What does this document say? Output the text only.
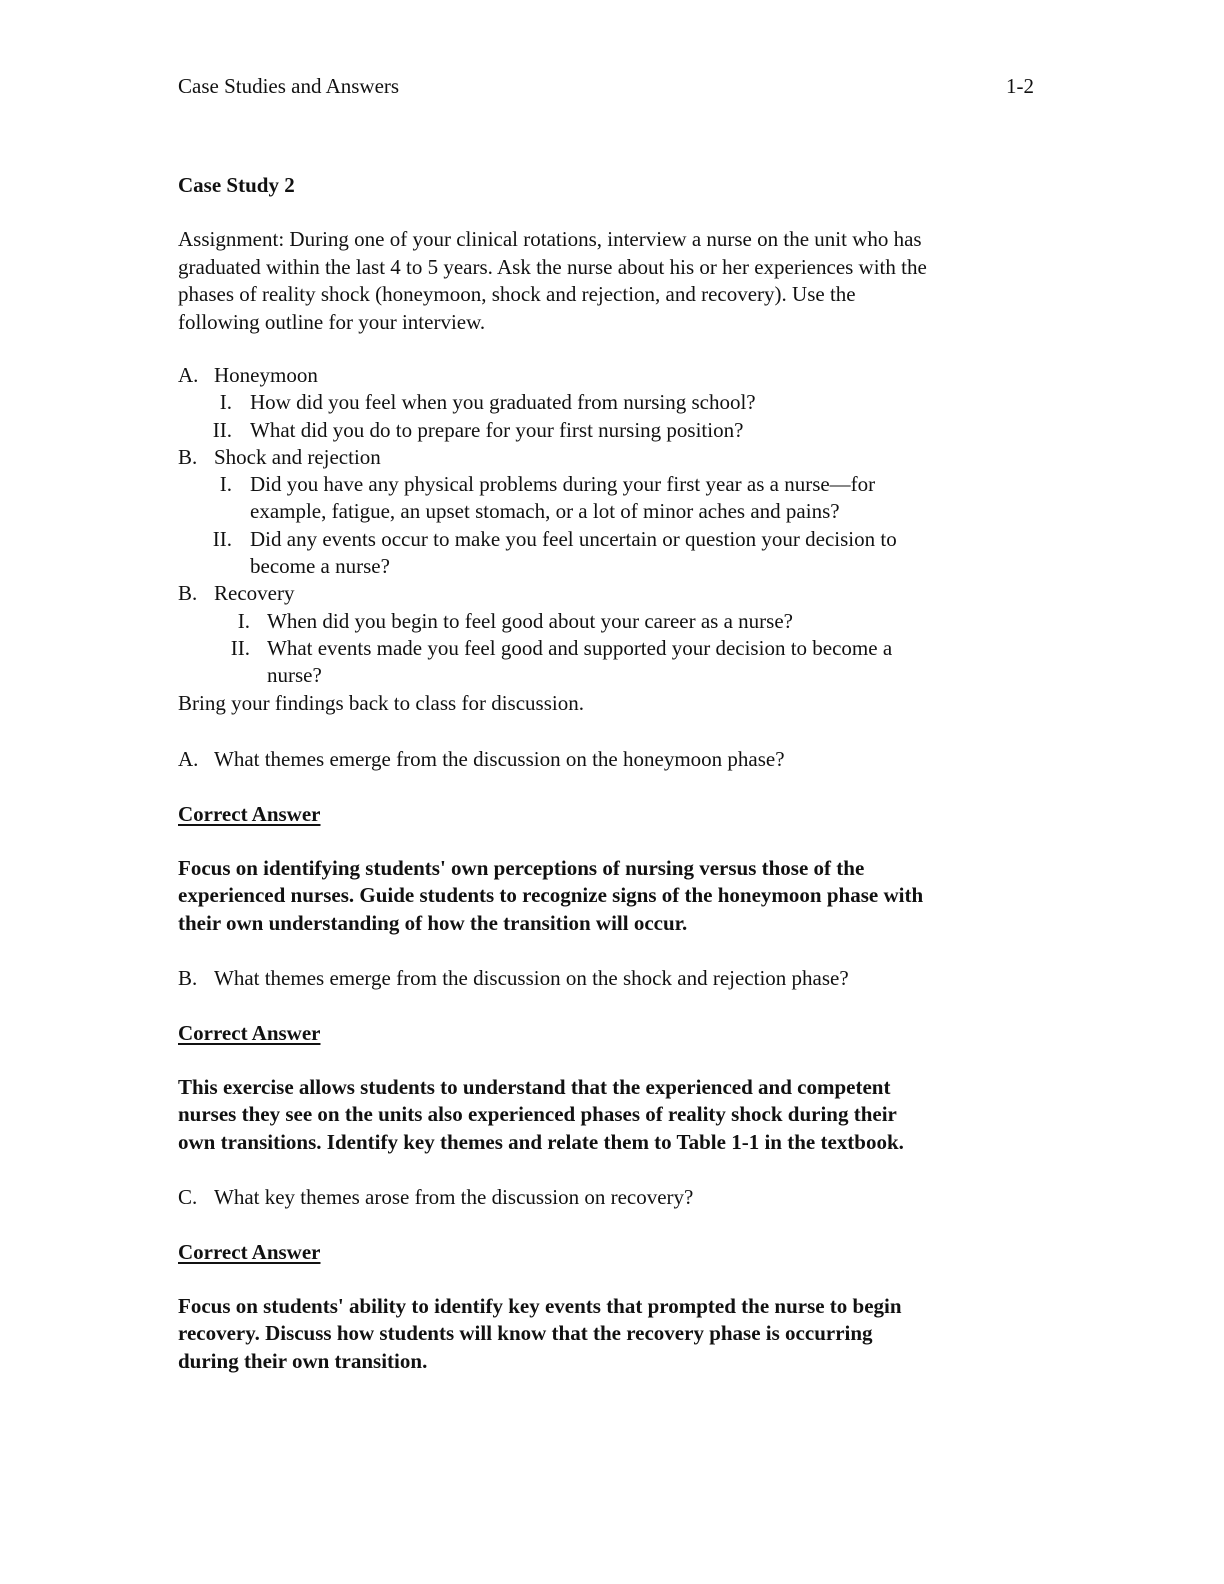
Case Studies and Answers	1-2
Case Study 2
Assignment: During one of your clinical rotations, interview a nurse on the unit who has
graduated within the last 4 to 5 years. Ask the nurse about his or her experiences with the
phases of reality shock (honeymoon, shock and rejection, and recovery). Use the
following outline for your interview.
A. Honeymoon
I. How did you feel when you graduated from nursing school?
II. What did you do to prepare for your first nursing position?
B. Shock and rejection
I. Did you have any physical problems during your first year as a nurse—for
example, fatigue, an upset stomach, or a lot of minor aches and pains?
II. Did any events occur to make you feel uncertain or question your decision to
become a nurse?
B. Recovery
I. When did you begin to feel good about your career as a nurse?
II. What events made you feel good and supported your decision to become a
nurse?
Bring your findings back to class for discussion.
A. What themes emerge from the discussion on the honeymoon phase?
Correct Answer
Focus on identifying students' own perceptions of nursing versus those of the
experienced nurses. Guide students to recognize signs of the honeymoon phase with
their own understanding of how the transition will occur.
B. What themes emerge from the discussion on the shock and rejection phase?
Correct Answer
This exercise allows students to understand that the experienced and competent
nurses they see on the units also experienced phases of reality shock during their
own transitions. Identify key themes and relate them to Table 1-1 in the textbook.
C. What key themes arose from the discussion on recovery?
Correct Answer
Focus on students' ability to identify key events that prompted the nurse to begin
recovery. Discuss how students will know that the recovery phase is occurring
during their own transition.
